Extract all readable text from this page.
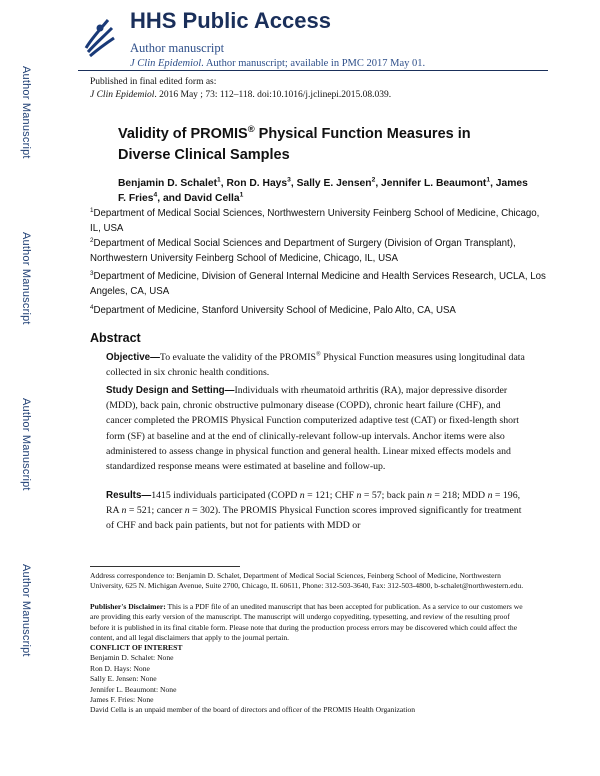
Author Manuscript
Author Manuscript
Author Manuscript
Author Manuscript
HHS Public Access
Author manuscript
J Clin Epidemiol. Author manuscript; available in PMC 2017 May 01.
Published in final edited form as:
J Clin Epidemiol. 2016 May ; 73: 112–118. doi:10.1016/j.jclinepi.2015.08.039.
Validity of PROMIS® Physical Function Measures in Diverse Clinical Samples
Benjamin D. Schalet$^1$, Ron D. Hays$^3$, Sally E. Jensen$^2$, Jennifer L. Beaumont$^1$, James F. Fries$^4$, and David Cella$^1$
$^1$Department of Medical Social Sciences, Northwestern University Feinberg School of Medicine, Chicago, IL, USA
$^2$Department of Medical Social Sciences and Department of Surgery (Division of Organ Transplant), Northwestern University Feinberg School of Medicine, Chicago, IL, USA
$^3$Department of Medicine, Division of General Internal Medicine and Health Services Research, UCLA, Los Angeles, CA, USA
$^4$Department of Medicine, Stanford University School of Medicine, Palo Alto, CA, USA
Abstract
Objective—To evaluate the validity of the PROMIS® Physical Function measures using longitudinal data collected in six chronic health conditions.
Study Design and Setting—Individuals with rheumatoid arthritis (RA), major depressive disorder (MDD), back pain, chronic obstructive pulmonary disease (COPD), chronic heart failure (CHF), and cancer completed the PROMIS Physical Function computerized adaptive test (CAT) or fixed-length short form (SF) at baseline and at the end of clinically-relevant follow-up intervals. Anchor items were also administered to assess change in physical function and general health. Linear mixed effects models and standardized response means were estimated at baseline and follow-up.
Results—1415 individuals participated (COPD n = 121; CHF n = 57; back pain n = 218; MDD n = 196, RA n = 521; cancer n = 302). The PROMIS Physical Function scores improved significantly for treatment of CHF and back pain patients, but not for patients with MDD or
Address correspondence to: Benjamin D. Schalet, Department of Medical Social Sciences, Feinberg School of Medicine, Northwestern University, 625 N. Michigan Avenue, Suite 2700, Chicago, IL 60611, Phone: 312-503-3640, Fax: 312-503-4800, b-schalet@northwestern.edu.
Publisher's Disclaimer: This is a PDF file of an unedited manuscript that has been accepted for publication. As a service to our customers we are providing this early version of the manuscript. The manuscript will undergo copyediting, typesetting, and review of the resulting proof before it is published in its final citable form. Please note that during the production process errors may be discovered which could affect the content, and all legal disclaimers that apply to the journal pertain.
CONFLICT OF INTEREST
Benjamin D. Schalet: None
Ron D. Hays: None
Sally E. Jensen: None
Jennifer L. Beaumont: None
James F. Fries: None
David Cella is an unpaid member of the board of directors and officer of the PROMIS Health Organization
